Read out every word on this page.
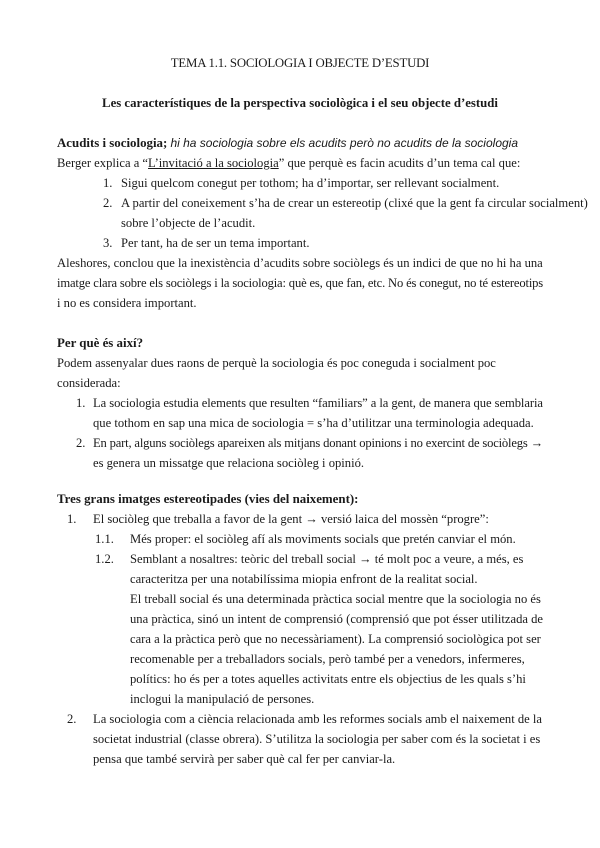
TEMA 1.1. SOCIOLOGIA I OBJECTE D’ESTUDI
Les característiques de la perspectiva sociològica i el seu objecte d’estudi
Acudits i sociologia; hi ha sociologia sobre els acudits però no acudits de la sociologia
Berger explica a “L’invitació a la sociologia” que perquè es facin acudits d’un tema cal que:
1. Sigui quelcom conegut per tothom; ha d’importar, ser rellevant socialment.
2. A partir del coneixement s’ha de crear un estereotip (clixé que la gent fa circular socialment)
sobre l’objecte de l’acudit.
3. Per tant, ha de ser un tema important.
Aleshores, conclou que la inexistència d’acudits sobre sociòlegs és un indici de que no hi ha una
imatge clara sobre els sociòlegs i la sociologia: què es, que fan, etc. No és conegut, no té estereotips
i no es considera important.
Per què és així?
Podem assenyalar dues raons de perquè la sociologia és poc coneguda i socialment poc
considerada:
1. La sociologia estudia elements que resulten “familiars” a la gent, de manera que semblaria
que tothom en sap una mica de sociologia = s’ha d’utilitzar una terminologia adequada.
2. En part, alguns sociòlegs apareixen als mitjans donant opinions i no exercint de sociòlegs →
es genera un missatge que relaciona sociòleg i opinió.
Tres grans imatges estereotipades (vies del naixement):
1. El sociòleg que treballa a favor de la gent → versió laica del mossèn “progre”:
1.1. Més proper: el sociòleg afí als moviments socials que pretén canviar el món.
1.2. Semblant a nosaltres: teòric del treball social → té molt poc a veure, a més, es
caracteritza per una notabilíssima miopia enfront de la realitat social.
El treball social és una determinada pràctica social mentre que la sociologia no és
una pràctica, sinó un intent de comprensió (comprensió que pot ésser utilitzada de
cara a la pràctica però que no necessàriament). La comprensió sociològica pot ser
recomenable per a treballadors socials, però també per a venedors, infermeres,
polítics: ho és per a totes aquelles activitats entre els objectius de les quals s’hi
inclogui la manipulació de persones.
2. La sociologia com a ciència relacionada amb les reformes socials amb el naixement de la
societat industrial (classe obrera). S’utilitza la sociologia per saber com és la societat i es
pensa que també servirà per saber què cal fer per canviar-la.
